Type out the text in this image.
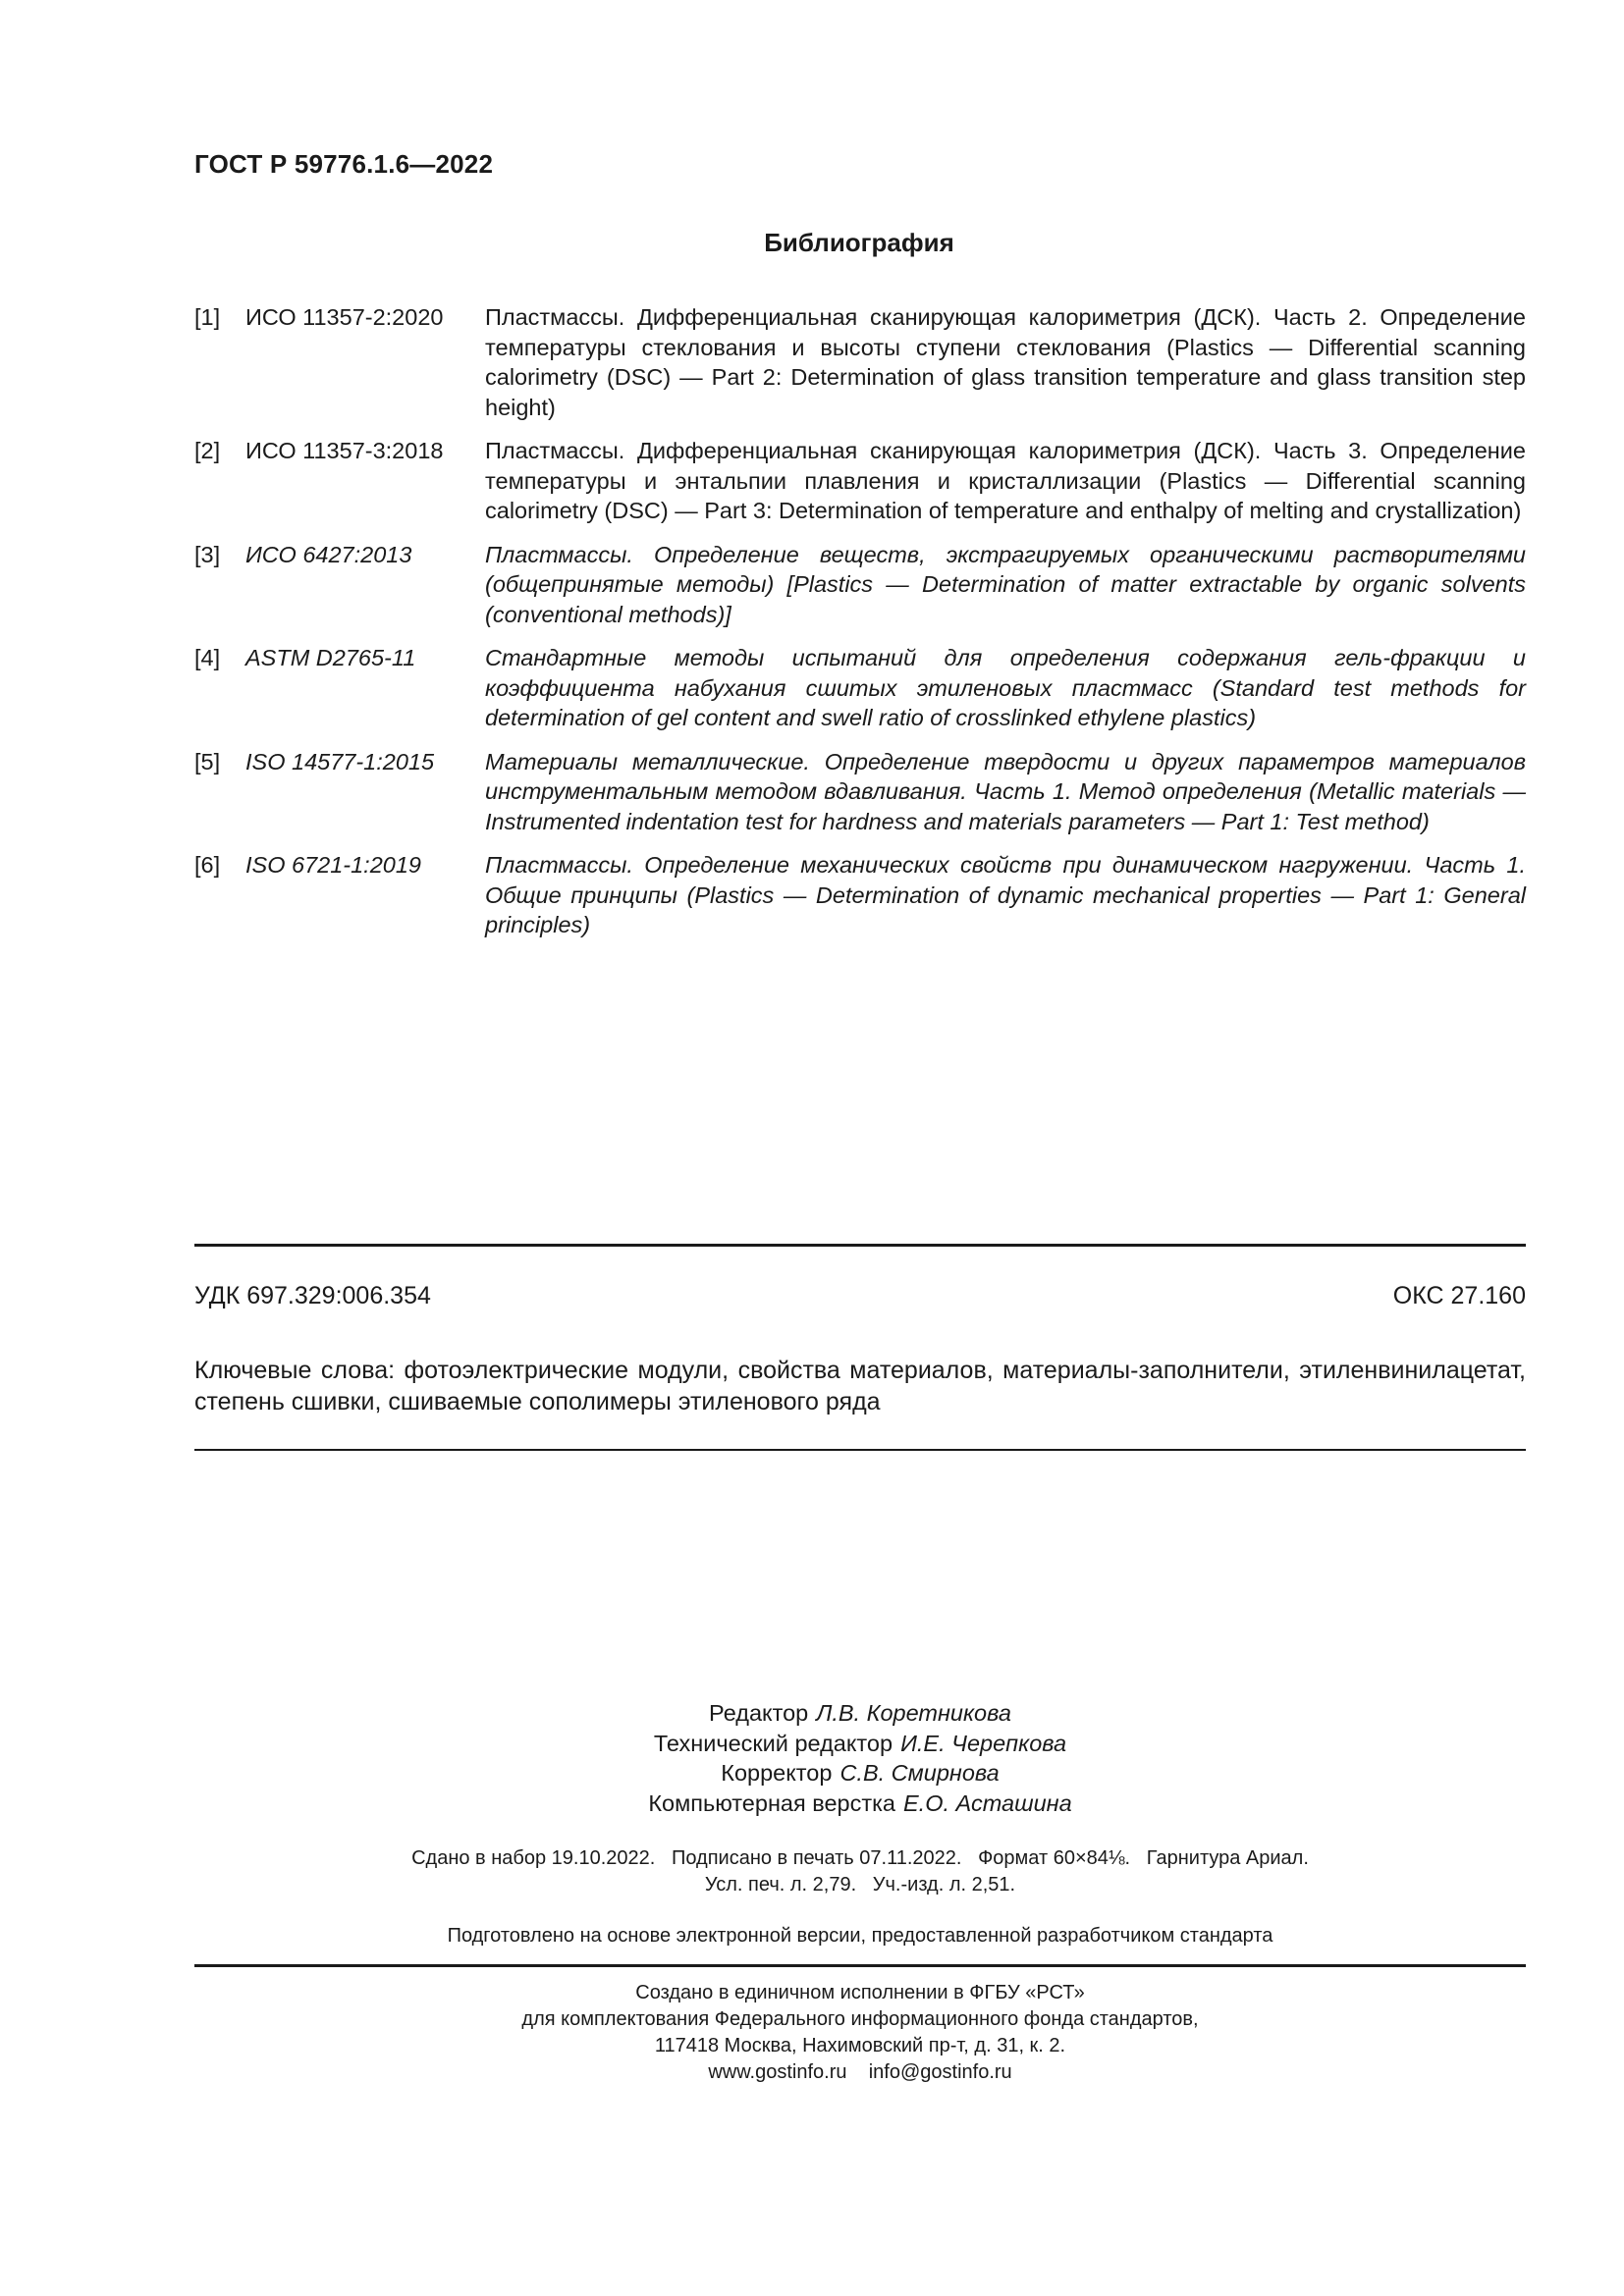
ГОСТ Р 59776.1.6—2022
Библиография
[1]	ИСО 11357-2:2020	Пластмассы. Дифференциальная сканирующая калориметрия (ДСК). Часть 2. Определение температуры стеклования и высоты ступени стеклования (Plastics — Differential scanning calorimetry (DSC) — Part 2: Determination of glass transition temperature and glass transition step height)
[2]	ИСО 11357-3:2018	Пластмассы. Дифференциальная сканирующая калориметрия (ДСК). Часть 3. Определение температуры и энтальпии плавления и кристаллизации (Plastics — Differential scanning calorimetry (DSC) — Part 3: Determination of temperature and enthalpy of melting and crystallization)
[3]	ИСО 6427:2013	Пластмассы. Определение веществ, экстрагируемых органическими растворителями (общепринятые методы) [Plastics — Determination of matter extractable by organic solvents (conventional methods)]
[4]	ASTM D2765-11	Стандартные методы испытаний для определения содержания гель-фракции и коэффициента набухания сшитых этиленовых пластмасс (Standard test methods for determination of gel content and swell ratio of crosslinked ethylene plastics)
[5]	ISO 14577-1:2015	Материалы металлические. Определение твердости и других параметров материалов инструментальным методом вдавливания. Часть 1. Метод определения (Metallic materials — Instrumented indentation test for hardness and materials parameters — Part 1: Test method)
[6]	ISO 6721-1:2019	Пластмассы. Определение механических свойств при динамическом нагружении. Часть 1. Общие принципы (Plastics — Determination of dynamic mechanical properties — Part 1: General principles)
УДК 697.329:006.354	ОКС 27.160
Ключевые слова: фотоэлектрические модули, свойства материалов, материалы-заполнители, этиленвинилацетат, степень сшивки, сшиваемые сополимеры этиленового ряда
Редактор Л.В. Коретникова
Технический редактор И.Е. Черепкова
Корректор С.В. Смирнова
Компьютерная верстка Е.О. Асташина
Сдано в набор 19.10.2022.   Подписано в печать 07.11.2022.   Формат 60×84⅛.   Гарнитура Ариал.
Усл. печ. л. 2,79.   Уч.-изд. л. 2,51.
Подготовлено на основе электронной версии, предоставленной разработчиком стандарта
Создано в единичном исполнении в ФГБУ «РСТ»
для комплектования Федерального информационного фонда стандартов,
117418 Москва, Нахимовский пр-т, д. 31, к. 2.
www.gostinfo.ru    info@gostinfo.ru
